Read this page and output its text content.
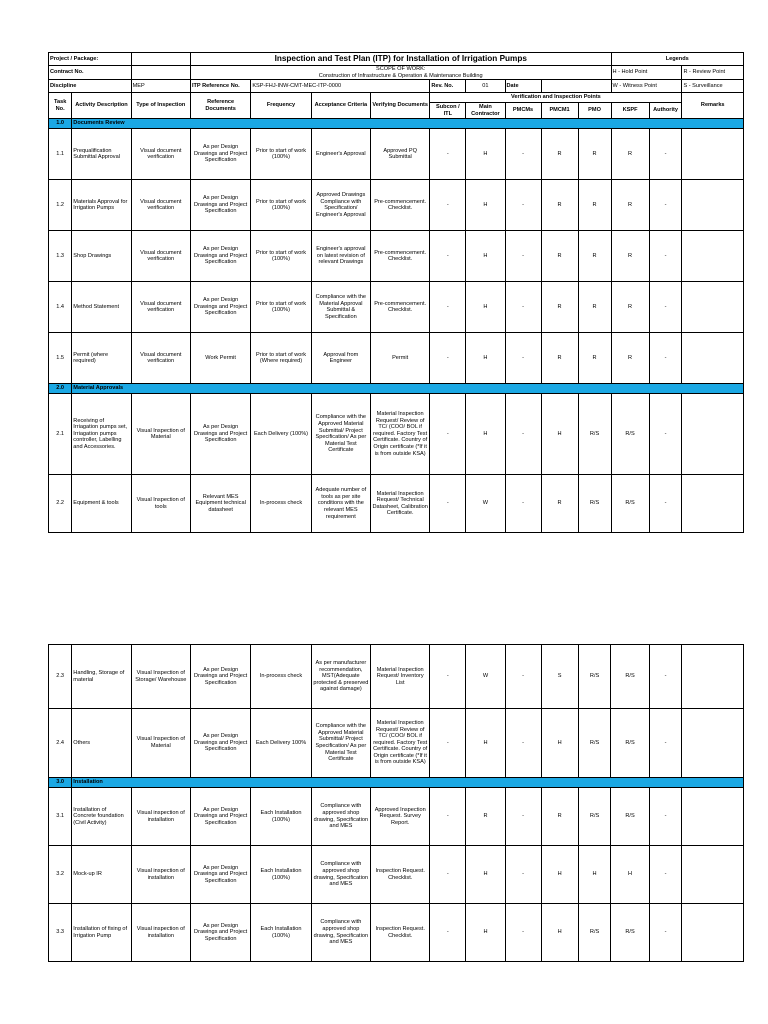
Project / Package:			Inspection and Test Plan (ITP) for Installation of Irrigation Pumps									Legends		
Contract No.			SCOPE OF WORK:
Construction of Infrastructure & Operation & Maintenance Building									H - Hold Point		R - Review Point
Discipline		MEP	ITP Reference No.	KSP-FHJ-INW-CMT-MEC-ITP-0000			Rev. No.	01	Date			W - Witness Point		S - Surveillance
Task No.	Activity Description	Type of Inspection	Reference Documents	Frequency	Acceptance Criteria	Verifying Documents	Verification and Inspection Points							Remarks
							Subcon / ITL	Main Contractor	PMCMs	PMCM1	PMO	KSPF	Authority	
1.0	Documents Review													
1.1	Prequalification Submittal Approval	Visual document verification	As per Design Drawings and Project Specification	Prior to start of work (100%)	Engineer's Approval	Approved PQ Submittal	-	H	-	R	R	R	-	
1.2	Materials Approval for Irrigation Pumps	Visual document verification	As per Design Drawings and Project Specification	Prior to start of work (100%)	Approved Drawings Compliance with Specification/ Engineer's Approval	Pre-commencement. Checklist.	-	H	-	R	R	R	-	
1.3	Shop Drawings	Visual document verification	As per Design Drawings and Project Specification	Prior to start of work (100%)	Engineer's approval on latest revision of relevant Drawings	Pre-commencement. Checklist.	-	H	-	R	R	R	-	
1.4	Method Statement	Visual document verification	As per Design Drawings and Project Specification	Prior to start of work (100%)	Compliance with the Material Approval Submittal & Specification	Pre-commencement. Checklist.	-	H	-	R	R	R	-	
1.5	Permit (where required)	Visual document verification	Work Permit	Prior to start of work (Where required)	Approval from Engineer	Permit	-	H	-	R	R	R	-	
2.0	Material Approvals													
2.1	Receiving of Irriagation pumps set, Irriagation pumps controller, Labelling and Accessories.	Visual Inspection of Material	As per Design Drawings and Project Specification	Each Delivery (100%)	Compliance with the Approved Material Submittal/ Project Specification/ As per Material Test Certificate	Material Inspection Request/ Review of TC/ (COO/ BOL if required. Factory Test Certificate. Country of Origin certificate (*If it is from outside KSA)	-	H	-	H	R/S	R/S	-	
2.2	Equipment & tools	Visual Inspection of tools	Relevant MES Equipment technical datasheet	In-process check	Adequate number of tools as per site conditions with the relevant MES requirement	Material Inspection Request/ Technical Datasheet, Calibration Certificate.	-	W	-	R	R/S	R/S	-	
2.3	Handling, Storage of material	Visual Inspection of Storage/ Warehouse	As per Design Drawings and Project Specification	In-process check	As per manufacturer recommendation, MST(Adequate protected & preserved against damage)	Material Inspection Request/ Inventory List	-	W	-	S	R/S	R/S	-	
2.4	Others	Visual Inspection of Material	As per Design Drawings and Project Specification	Each Delivery 100%	Compliance with the Approved Material Submittal/ Project Specification/ As per Material Test Certificate	Material Inspection Request/ Review of TC/ (COO/ BOL if required. Factory Test Certificate. Country of Origin certificate (*If it is from outside KSA)	-	H	-	H	R/S	R/S	-	
3.0	Installation													
3.1	Installation of Concrete foundation (Civil Activity)	Visual inspection of installation	As per Design Drawings and Project Specification	Each Installation (100%)	Compliance with approved shop drawing, Specification and MES	Approved Inspection Request. Survey Report.	-	R	-	R	R/S	R/S	-	
3.2	Mock-up IR	Visual inspection of installation	As per Design Drawings and Project Specification	Each Installation (100%)	Compliance with approved shop drawing, Specification and MES	Inspection Request. Checklist.	-	H	-	H	H	H	-	
3.3	Installation of fixing of Irrigation Pump	Visual inspection of installation	As per Design Drawings and Project Specification	Each Installation (100%)	Compliance with approved shop drawing, Specification and MES	Inspection Request. Checklist.	-	H	-	H	R/S	R/S	-	
